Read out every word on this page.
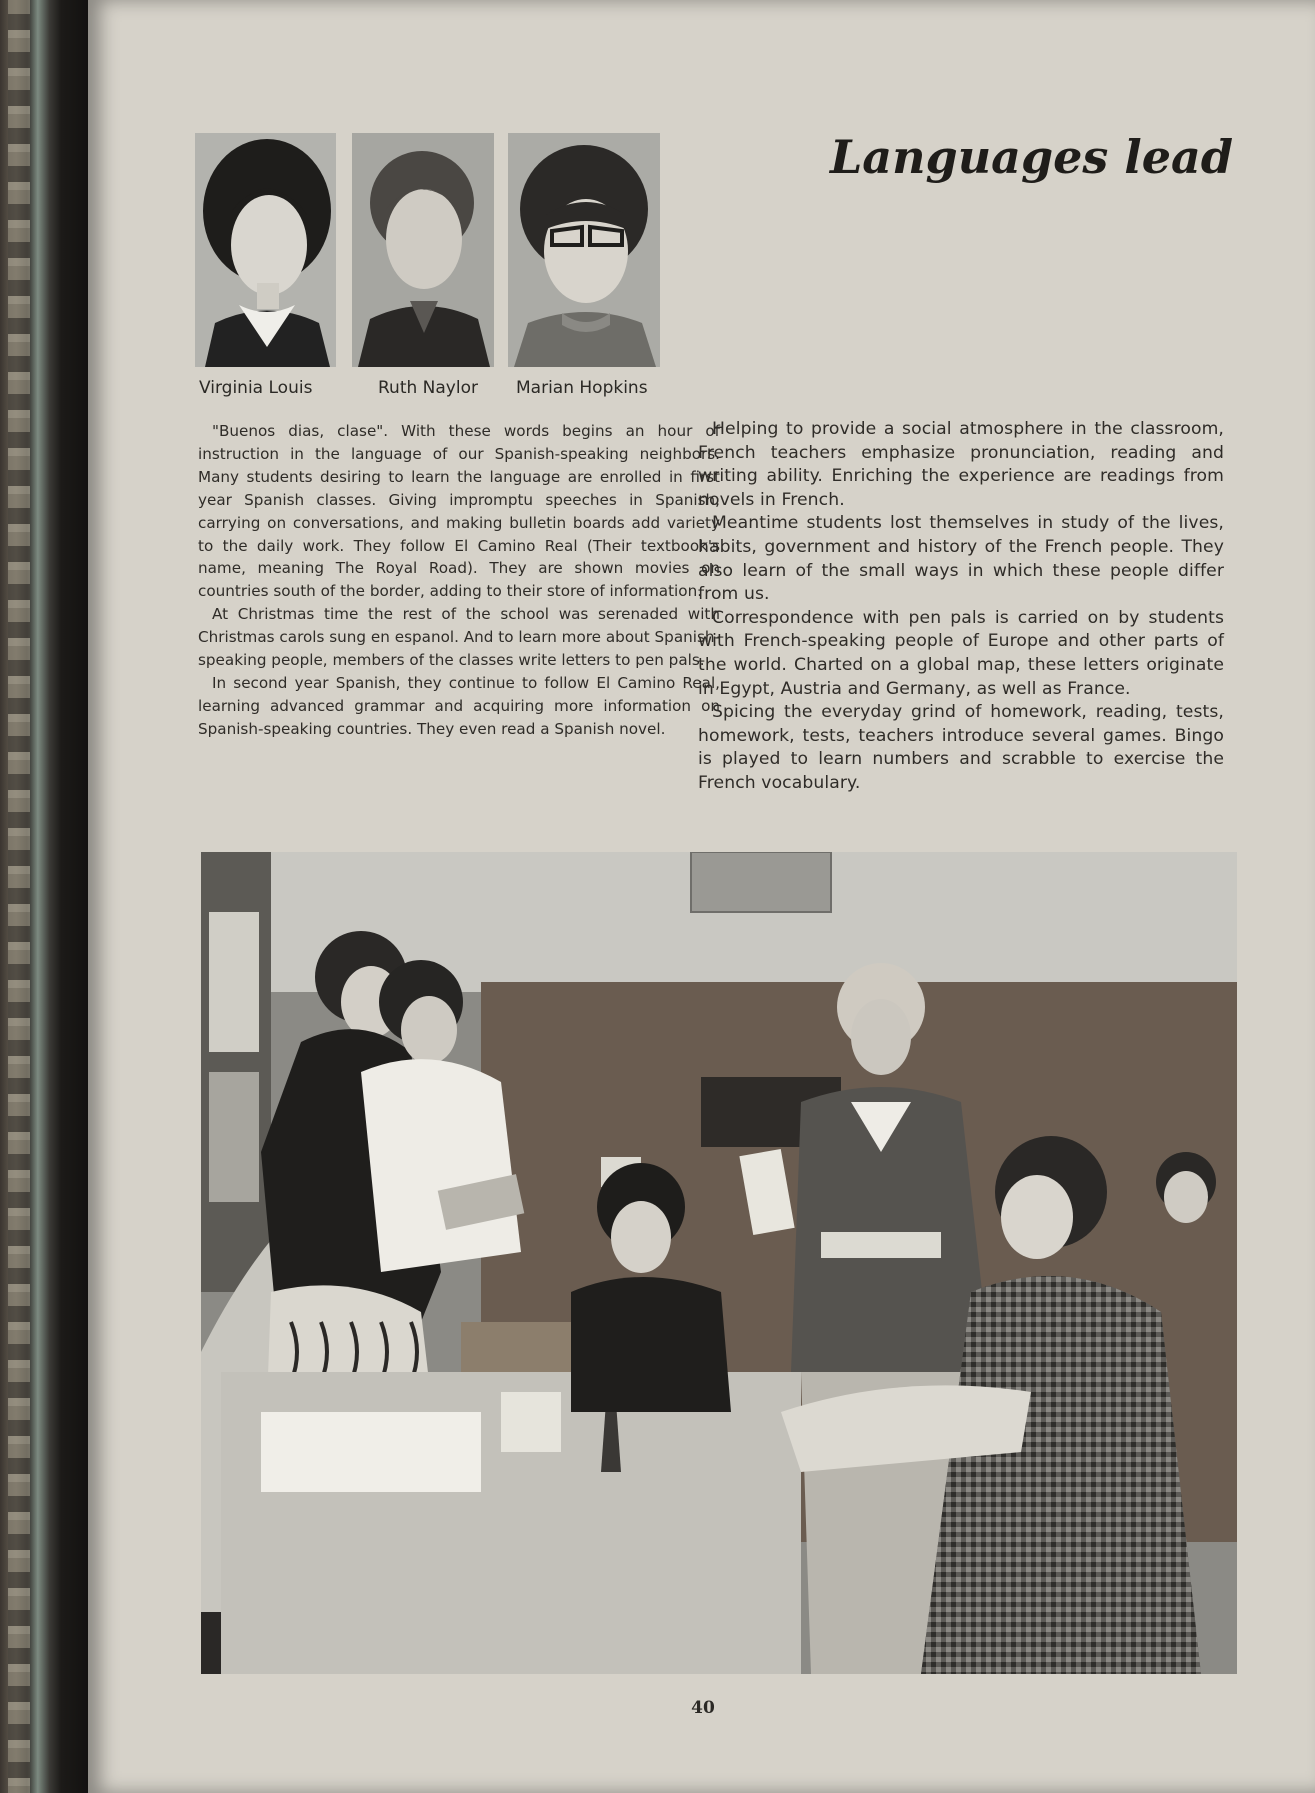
Virginia Louis	Ruth Naylor Marian Hopkins
Languages lead

"Buenos dias, clase". With these words begins an hour of instruction in the language of our Spanish-speaking neighbors. Many students desiring to learn the language are enrolled in first year Spanish classes. Giving impromptu speeches in Spanish, carrying on conversations, and making bulletin boards add variety to the daily work. They follow El Camino Real (Their textbook's name, meaning The Royal Road). They are shown movies on countries south of the border, adding to their store of information.

At Christmas time the rest of the school was serenaded with Christmas carols sung en espanol. And to learn more about Spanish-speaking people, members of the classes write letters to pen pals.

In second year Spanish, they continue to follow El Camino Real, learning advanced grammar and acquiring more information on Spanish-speaking countries. They even read a Spanish novel.

Helping to provide a social atmosphere in the classroom, French teachers emphasize pronunciation, reading and writing ability. Enriching the experience are readings from novels in French.

Meantime students lost themselves in study of the lives, habits, government and history of the French people. They also learn of the small ways in which these people differ from us.

Correspondence with pen pals is carried on by students with French-speaking people of Europe and other parts of the world. Charted on a global map, these letters originate in Egypt, Austria and Germany, as well as France.

Spicing the everyday grind of homework, reading, tests, homework, tests, teachers introduce several games. Bingo is played to learn numbers and scrabble to exercise the French vocabulary.

40
